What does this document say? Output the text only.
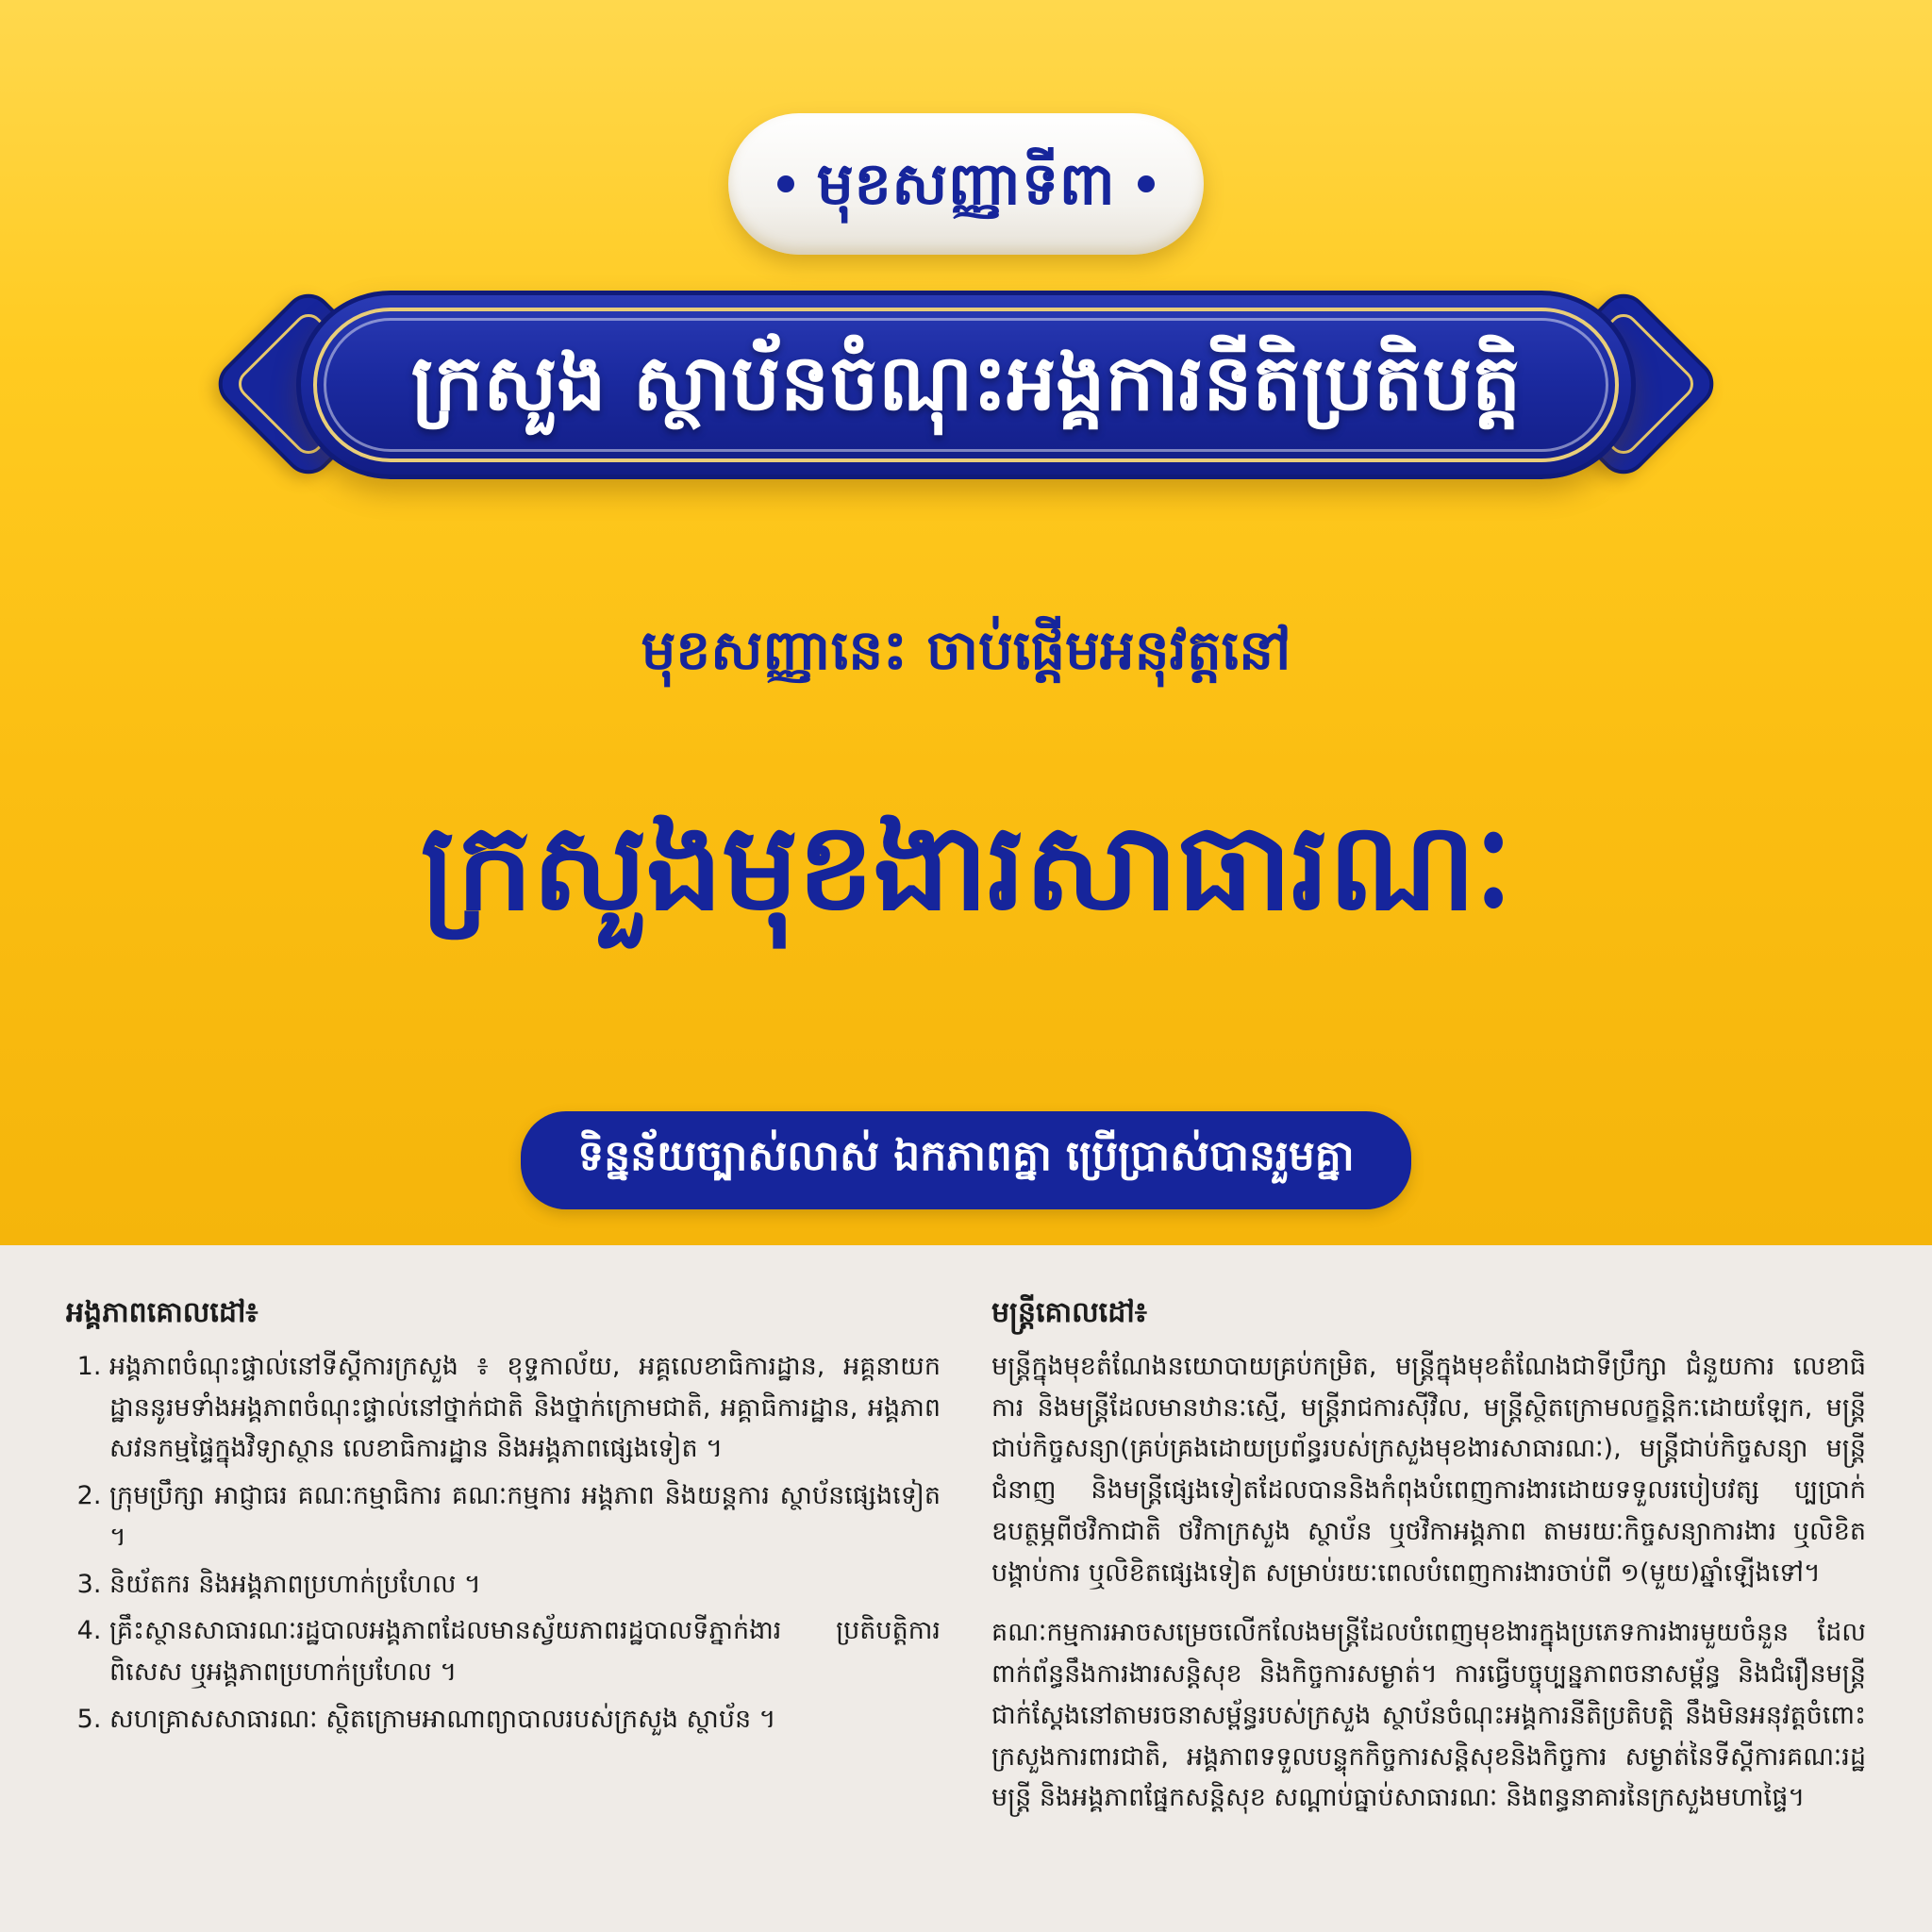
មុខសញ្ញាទីពា
ក្រសួង ស្ថាប័នចំណុះអង្គការនីតិប្រតិបត្តិ
មុខសញ្ញានេះ ចាប់ផ្ដើមអនុវត្តនៅ
ក្រសួងមុខងារសាធារណៈ
ទិន្នន័យច្បាស់លាស់ ឯកភាពគ្នា ប្រើប្រាស់បានរួមគ្នា
អង្គភាពគោលដៅ៖
1. អង្គភាពចំណុះផ្ទាល់នៅទីស្ដីការក្រសួង ៖ ខុទ្ទកាល័យ, អគ្គលេខាធិការដ្ឋាន, អគ្គនាយកដ្ឋាននូរមទាំងអង្គភាពចំណុះផ្ទាល់នៅថ្នាក់ជាតិ និងថ្នាក់ក្រោមជាតិ, អគ្គាធិការដ្ឋាន, អង្គភាពសវនកម្មផ្ទៃក្នុងវិទ្យាស្ថាន លេខាធិការដ្ឋាន និងអង្គភាពផ្សេងទៀត ។
2. ក្រុមប្រឹក្សា អាជ្ញាធរ គណៈកម្មាធិការ គណៈកម្មការ អង្គភាព និងយន្តការ ស្ថាប័នផ្សេងទៀត ។
3. និយ័តករ និងអង្គភាពប្រហាក់ប្រហែល ។
4. គ្រឹះស្ថានសាធារណៈរដ្ឋបាលអង្គភាពដែលមានស្វ័យភាពរដ្ឋបាលទីភ្នាក់ងារ ប្រតិបត្តិការពិសេស ឬអង្គភាពប្រហាក់ប្រហែល ។
5. សហគ្រាសសាធារណៈ ស្ថិតក្រោមអាណាព្យាបាលរបស់ក្រសួង ស្ថាប័ន ។
មន្ត្រីគោលដៅ៖

មន្ត្រីក្នុងមុខតំណែងនយោបាយគ្រប់កម្រិត, មន្ត្រីក្នុងមុខតំណែងជាទីប្រឹក្សា ជំនួយការ លេខាធិការ និងមន្ត្រីដែលមានឋានៈស្មើ, មន្ត្រីរាជការស៊ីវិល, មន្ត្រីស្ថិតក្រោមលក្ខន្តិកៈដោយឡែក, មន្ត្រីជាប់កិច្ចសន្យា(គ្រប់គ្រងដោយប្រព័ន្ធរបស់ក្រសួងមុខងារសាធារណៈ), មន្ត្រីជាប់កិច្ចសន្យា មន្ត្រីជំនាញ និងមន្ត្រីផ្សេងទៀតដែលបាននិងកំពុងបំពេញការងារដោយទទួលរបៀបវត្ស ប្បប្រាក់ឧបត្ថម្ភពីថវិកាជាតិ ថវិកាក្រសួង ស្ថាប័ន ឬថវិកាអង្គភាព តាមរយៈកិច្ចសន្យាការងារ ឬលិខិតបង្គាប់ការ ឬលិខិតផ្សេងទៀត សម្រាប់រយៈពេលបំពេញការងារចាប់ពី ១(មួយ)ឆ្នាំឡើងទៅ។

គណៈកម្មការអាចសម្រេចលើកលែងមន្ត្រីដែលបំពេញមុខងារក្នុងប្រភេទការងារមួយចំនួន ដែលពាក់ព័ន្ធនឹងការងារសន្តិសុខ និងកិច្ចការសម្ងាត់។ ការធ្វើបច្ចុប្បន្នភាពចនាសម្ព័ន្ធ និងជំរឿនមន្ត្រីជាក់ស្ដែងនៅតាមរចនាសម្ព័ន្ធរបស់ក្រសួង ស្ថាប័នចំណុះអង្គការនីតិប្រតិបត្តិ នឹងមិនអនុវត្តចំពោះក្រសួងការពារជាតិ, អង្គភាពទទួលបន្ទុកកិច្ចការសន្តិសុខនិងកិច្ចការ សម្ងាត់នៃទីស្ដីការគណៈរដ្ឋមន្ត្រី និងអង្គភាពផ្នែកសន្តិសុខ សណ្ដាប់ធ្នាប់សាធារណៈ និងពន្ធនាគារនៃក្រសួងមហាផ្ទៃ។
